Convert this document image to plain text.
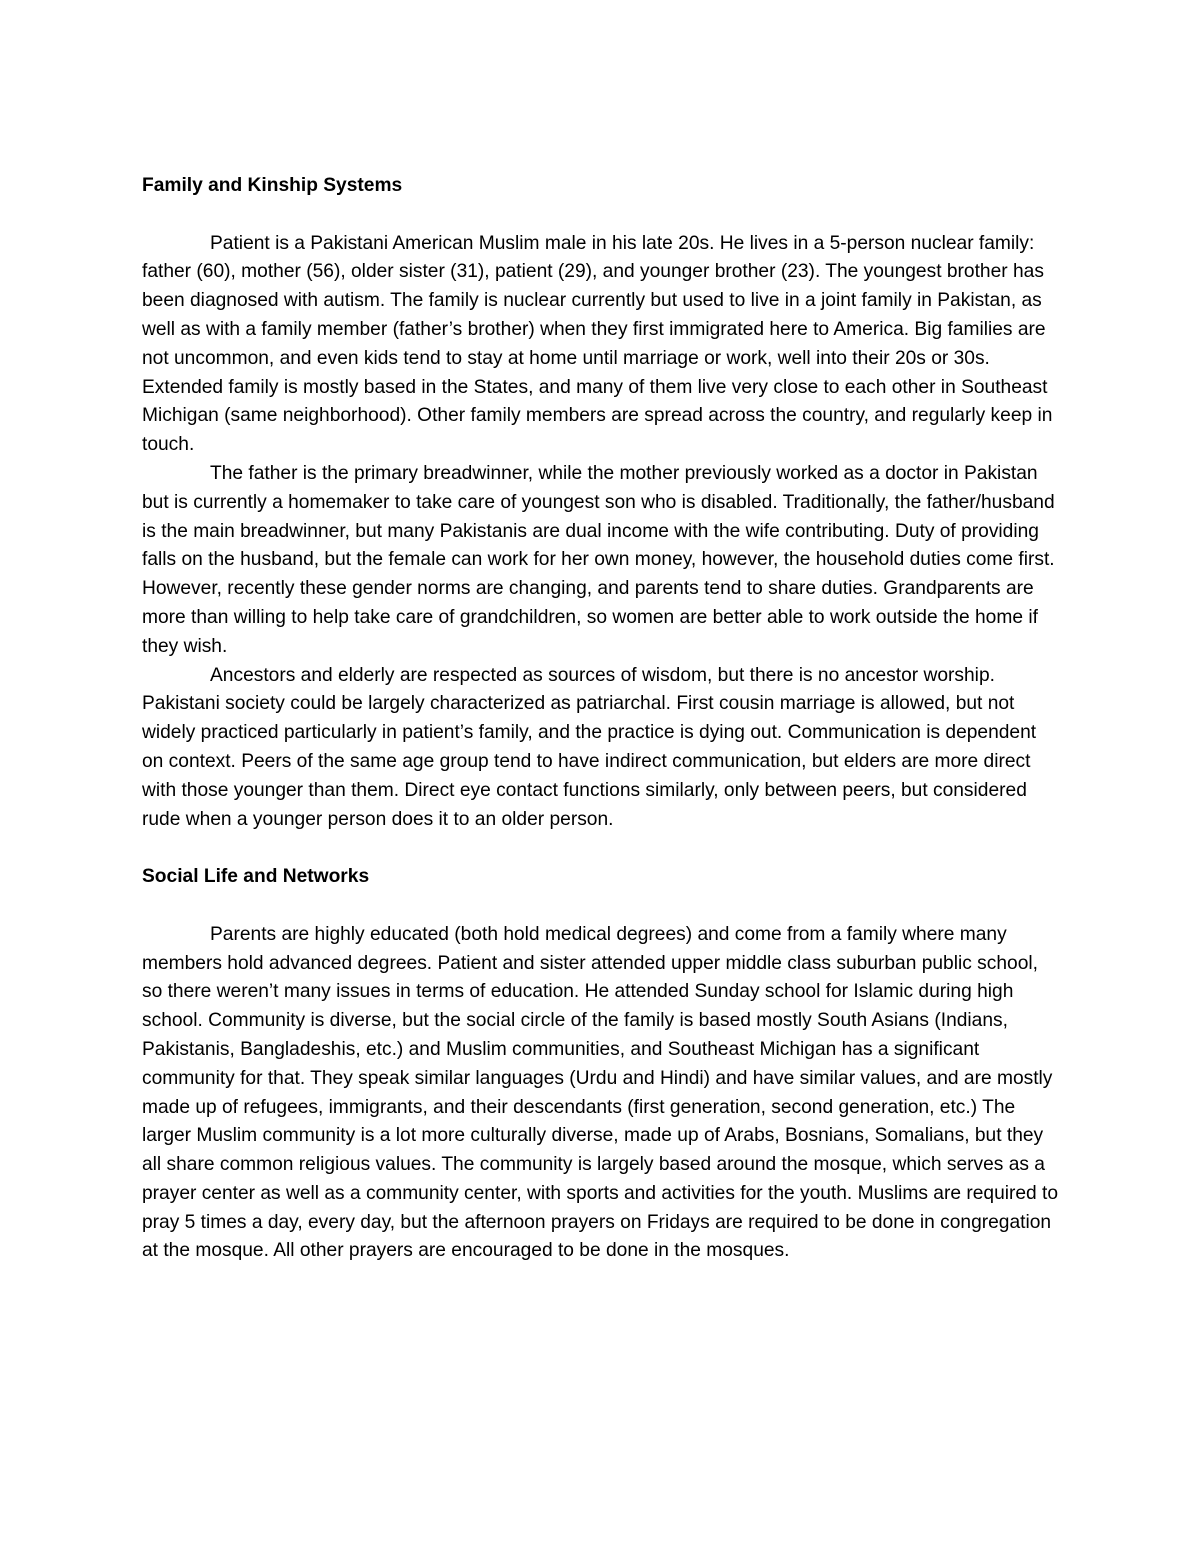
Family and Kinship Systems

Patient is a Pakistani American Muslim male in his late 20s. He lives in a 5-person nuclear family: father (60), mother (56), older sister (31), patient (29), and younger brother (23). The youngest brother has been diagnosed with autism. The family is nuclear currently but used to live in a joint family in Pakistan, as well as with a family member (father’s brother) when they first immigrated here to America. Big families are not uncommon, and even kids tend to stay at home until marriage or work, well into their 20s or 30s. Extended family is mostly based in the States, and many of them live very close to each other in Southeast Michigan (same neighborhood). Other family members are spread across the country, and regularly keep in touch.

The father is the primary breadwinner, while the mother previously worked as a doctor in Pakistan but is currently a homemaker to take care of youngest son who is disabled. Traditionally, the father/husband is the main breadwinner, but many Pakistanis are dual income with the wife contributing. Duty of providing falls on the husband, but the female can work for her own money, however, the household duties come first. However, recently these gender norms are changing, and parents tend to share duties. Grandparents are more than willing to help take care of grandchildren, so women are better able to work outside the home if they wish.

Ancestors and elderly are respected as sources of wisdom, but there is no ancestor worship. Pakistani society could be largely characterized as patriarchal. First cousin marriage is allowed, but not widely practiced particularly in patient’s family, and the practice is dying out. Communication is dependent on context. Peers of the same age group tend to have indirect communication, but elders are more direct with those younger than them. Direct eye contact functions similarly, only between peers, but considered rude when a younger person does it to an older person.

Social Life and Networks

Parents are highly educated (both hold medical degrees) and come from a family where many members hold advanced degrees. Patient and sister attended upper middle class suburban public school, so there weren’t many issues in terms of education. He attended Sunday school for Islamic during high school. Community is diverse, but the social circle of the family is based mostly South Asians (Indians, Pakistanis, Bangladeshis, etc.) and Muslim communities, and Southeast Michigan has a significant community for that. They speak similar languages (Urdu and Hindi) and have similar values, and are mostly made up of refugees, immigrants, and their descendants (first generation, second generation, etc.) The larger Muslim community is a lot more culturally diverse, made up of Arabs, Bosnians, Somalians, but they all share common religious values. The community is largely based around the mosque, which serves as a prayer center as well as a community center, with sports and activities for the youth. Muslims are required to pray 5 times a day, every day, but the afternoon prayers on Fridays are required to be done in congregation at the mosque. All other prayers are encouraged to be done in the mosques.
